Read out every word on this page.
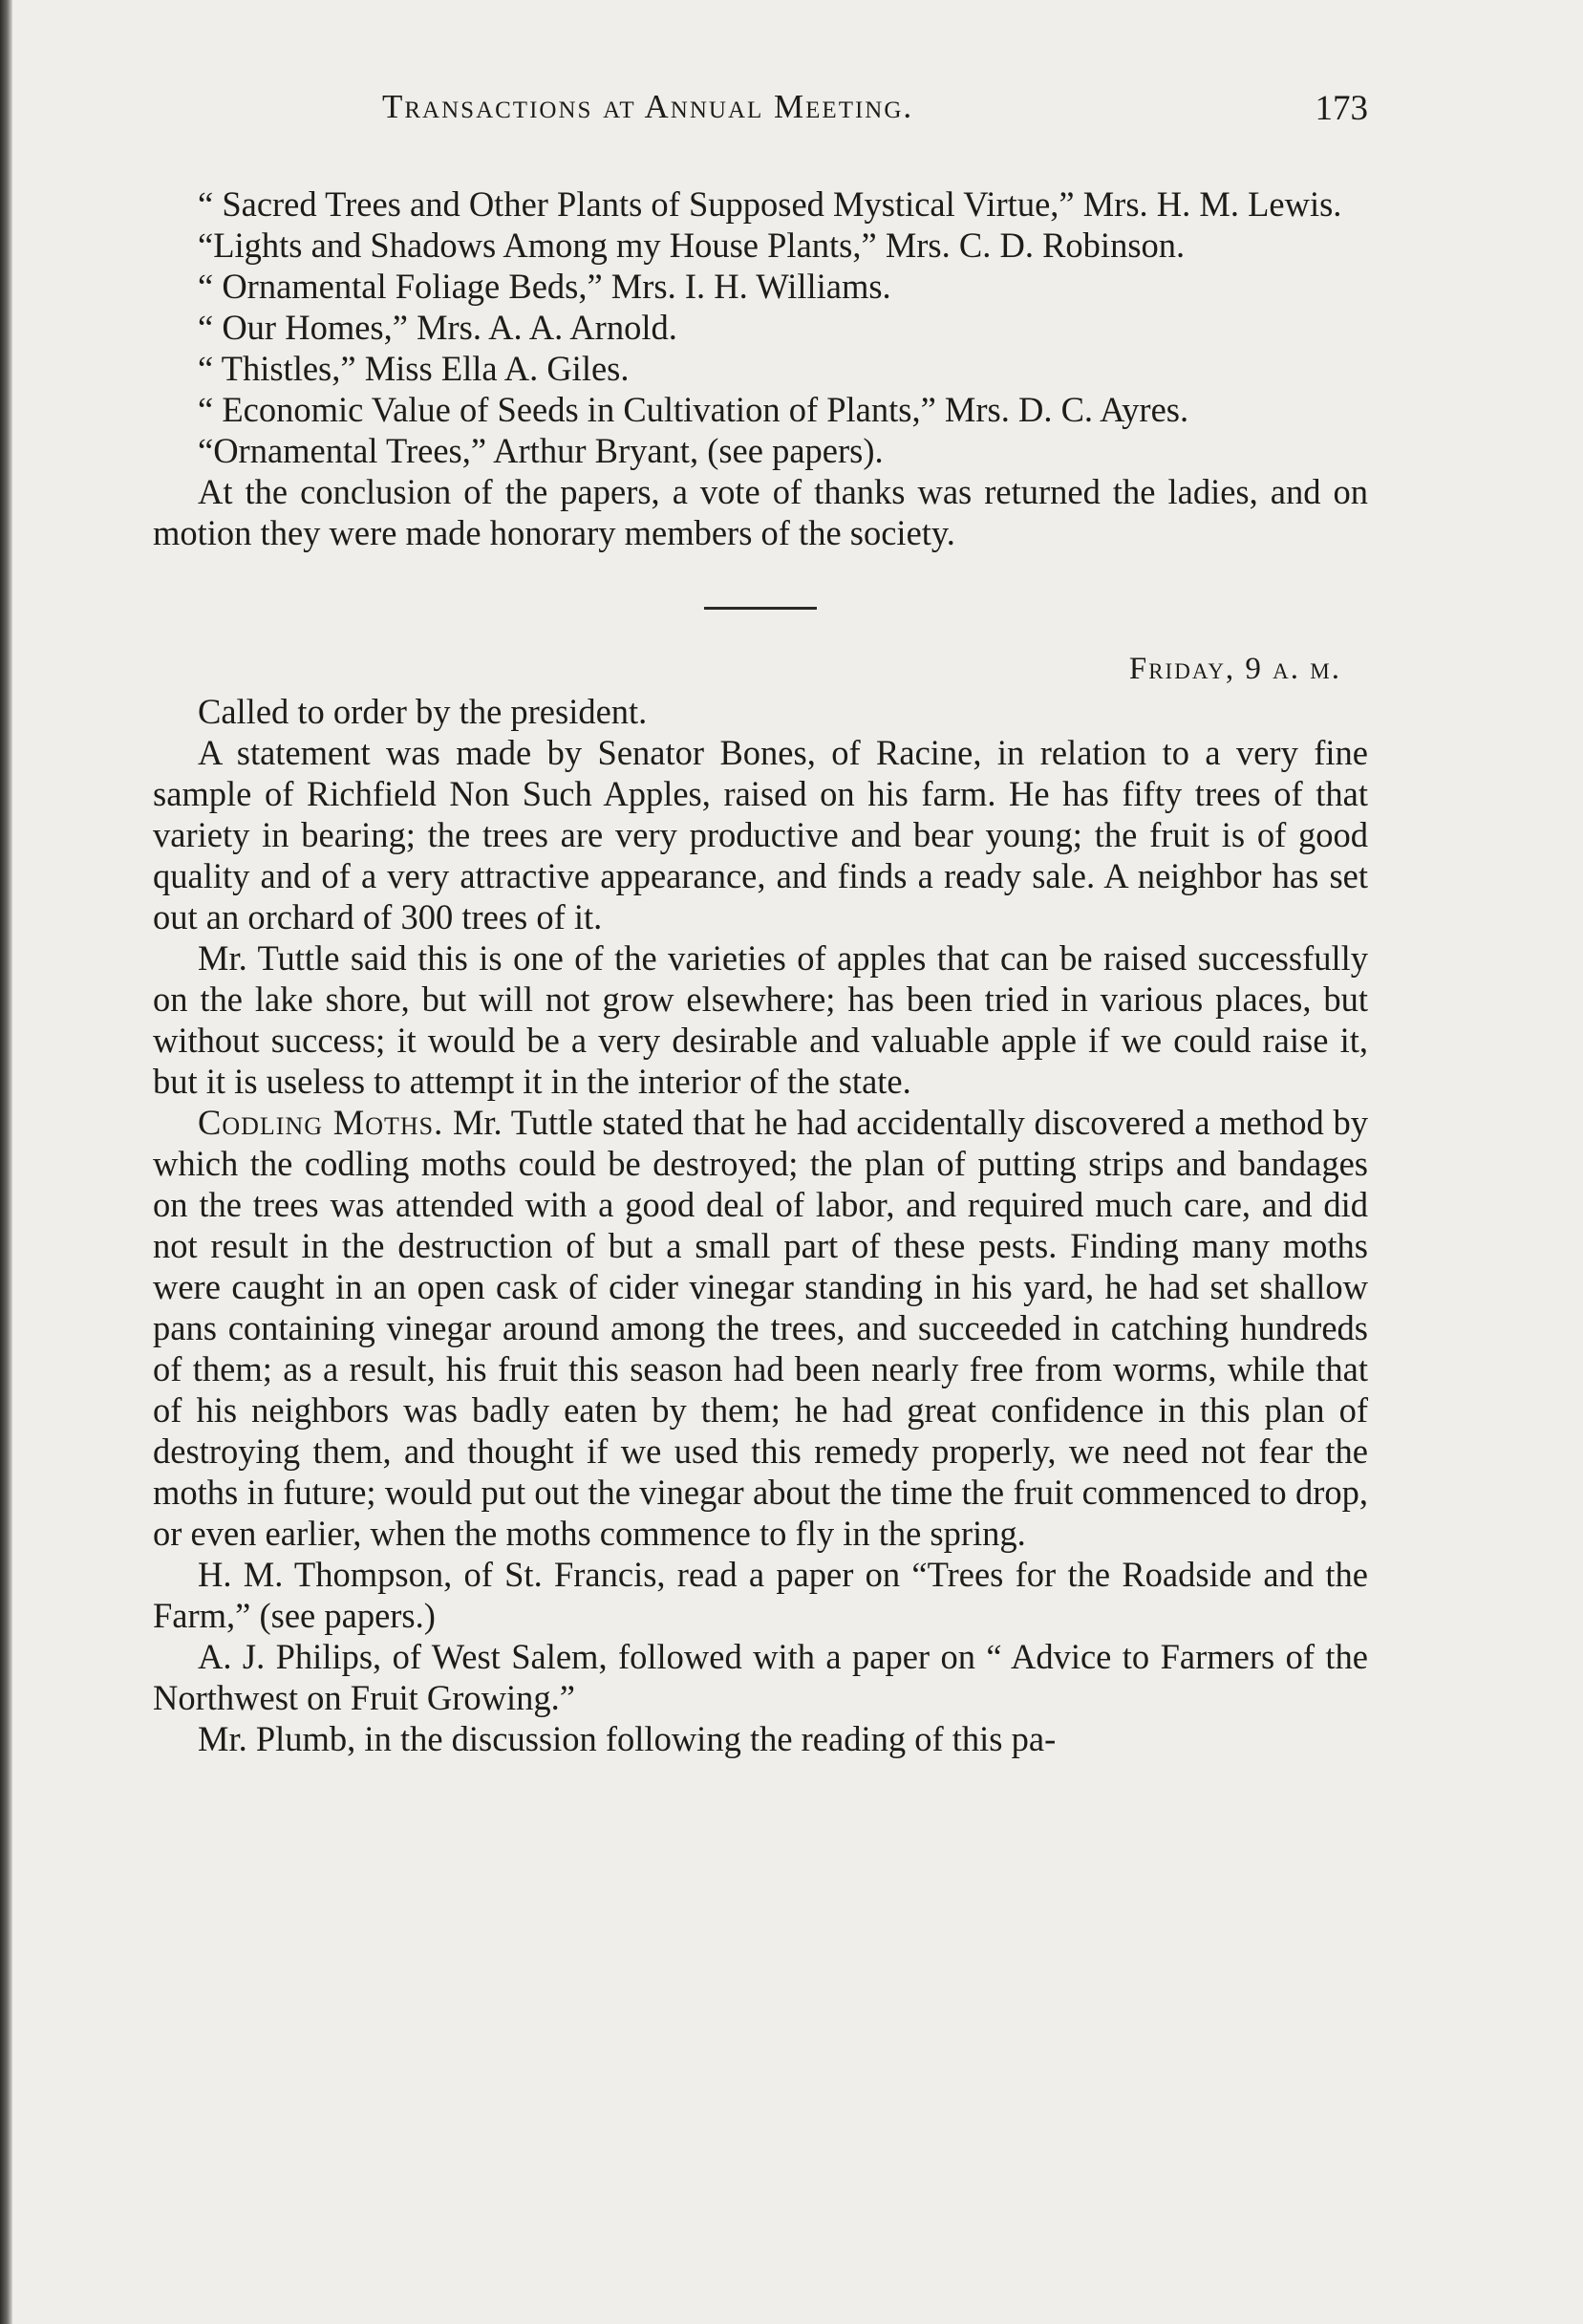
Transactions at Annual Meeting.	173

“ Sacred Trees and Other Plants of Supposed Mystical Virtue,” Mrs. H. M. Lewis.

“Lights and Shadows Among my House Plants,” Mrs. C. D. Robinson.

“ Ornamental Foliage Beds,” Mrs. I. H. Williams.

“ Our Homes,” Mrs. A. A. Arnold.

“ Thistles,” Miss Ella A. Giles.

“ Economic Value of Seeds in Cultivation of Plants,” Mrs. D. C. Ayres.

“Ornamental Trees,” Arthur Bryant, (see papers).

At the conclusion of the papers, a vote of thanks was returned the ladies, and on motion they were made honorary members of the society.

Friday, 9 a. m.

Called to order by the president.

A statement was made by Senator Bones, of Racine, in relation to a very fine sample of Richfield Non Such Apples, raised on his farm. He has fifty trees of that variety in bearing; the trees are very productive and bear young; the fruit is of good quality and of a very attractive appearance, and finds a ready sale. A neighbor has set out an orchard of 300 trees of it.

Mr. Tuttle said this is one of the varieties of apples that can be raised successfully on the lake shore, but will not grow elsewhere; has been tried in various places, but without success; it would be a very desirable and valuable apple if we could raise it, but it is useless to attempt it in the interior of the state.

Codling Moths. Mr. Tuttle stated that he had accidentally discovered a method by which the codling moths could be destroyed; the plan of putting strips and bandages on the trees was attended with a good deal of labor, and required much care, and did not result in the destruction of but a small part of these pests. Finding many moths were caught in an open cask of cider vinegar standing in his yard, he had set shallow pans containing vinegar around among the trees, and succeeded in catching hundreds of them; as a result, his fruit this season had been nearly free from worms, while that of his neighbors was badly eaten by them; he had great confidence in this plan of destroying them, and thought if we used this remedy properly, we need not fear the moths in future; would put out the vinegar about the time the fruit commenced to drop, or even earlier, when the moths commence to fly in the spring.

H. M. Thompson, of St. Francis, read a paper on “Trees for the Roadside and the Farm,” (see papers.)

A. J. Philips, of West Salem, followed with a paper on “ Advice to Farmers of the Northwest on Fruit Growing.”

Mr. Plumb, in the discussion following the reading of this pa-
